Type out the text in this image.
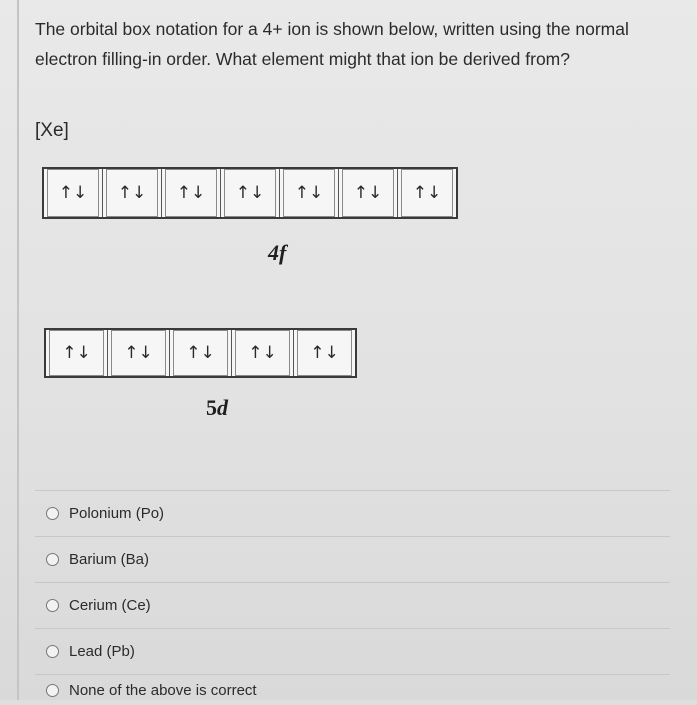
The orbital box notation for a 4+ ion is shown below, written using the normal electron filling-in order. What element might that ion be derived from?
[Xe]
↑↓	↑↓	↑↓	↑↓	↑↓	↑↓	↑↓
4f
↑↓	↑↓	↑↓	↑↓	↑↓
5d
Polonium (Po)
Barium (Ba)
Cerium (Ce)
Lead (Pb)
None of the above is correct
